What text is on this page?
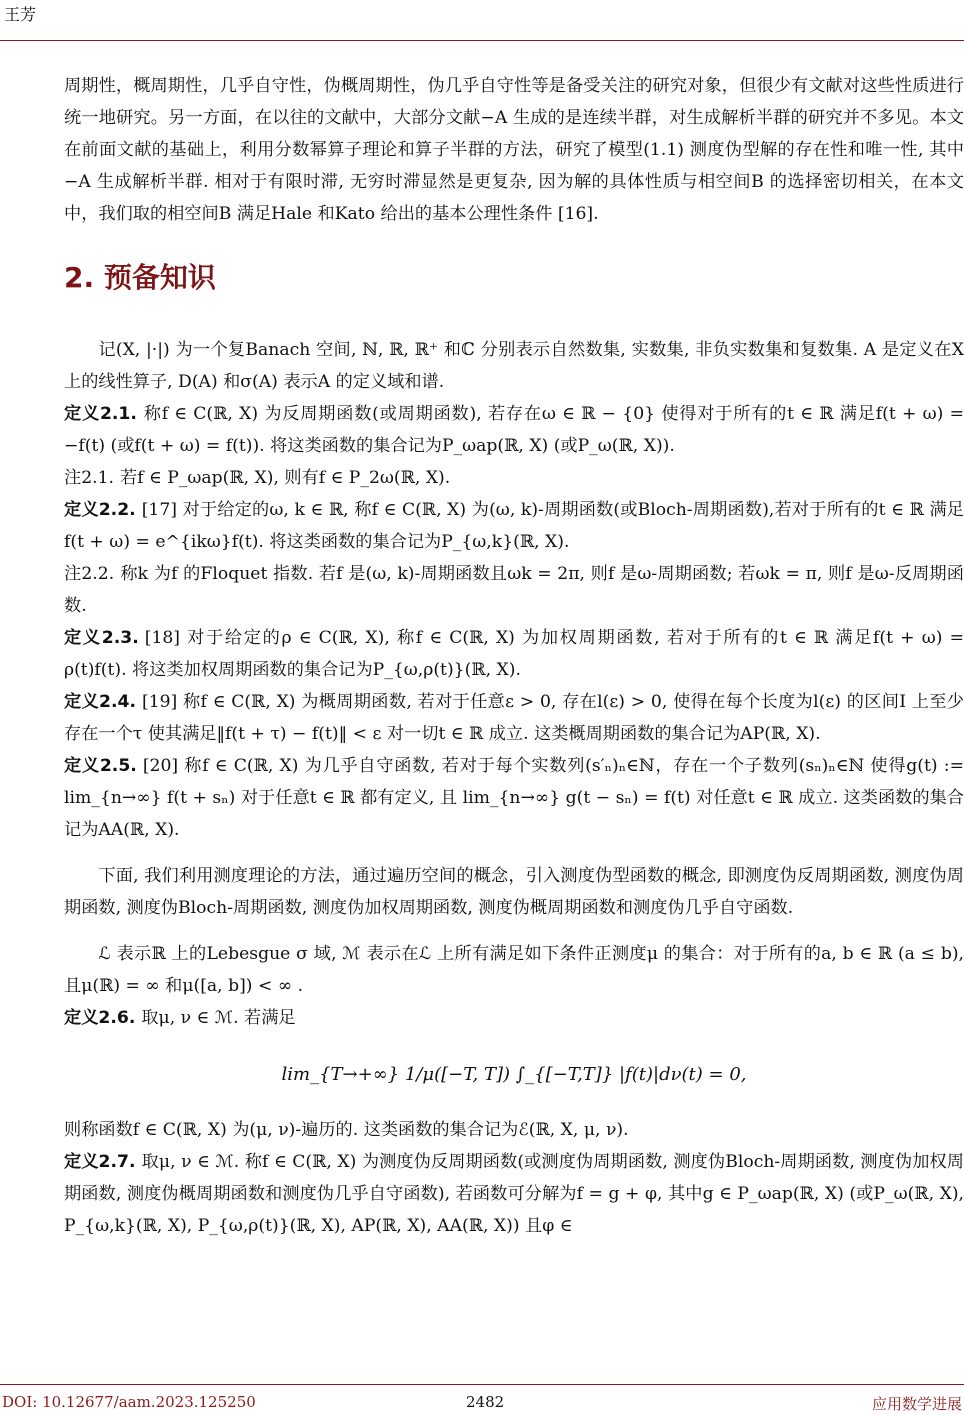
王芳

周期性，概周期性，几乎自守性，伪概周期性，伪几乎自守性等是备受关注的研究对象，但很少有文献对这些性质进行统一地研究。另一方面，在以往的文献中，大部分文献−A 生成的是连续半群，对生成解析半群的研究并不多见。本文在前面文献的基础上，利用分数幂算子理论和算子半群的方法，研究了模型(1.1) 测度伪型解的存在性和唯一性, 其中−A 生成解析半群. 相对于有限时滞, 无穷时滞显然是更复杂, 因为解的具体性质与相空间B 的选择密切相关，在本文中，我们取的相空间B 满足Hale 和Kato 给出的基本公理性条件 [16].

2. 预备知识

记(X, |·|) 为一个复Banach 空间, ℕ, ℝ, ℝ⁺ 和ℂ 分别表示自然数集, 实数集, 非负实数集和复数集. A 是定义在X 上的线性算子, D(A) 和σ(A) 表示A 的定义域和谱.

定义2.1. 称f ∈ C(ℝ, X) 为反周期函数(或周期函数), 若存在ω ∈ ℝ − {0} 使得对于所有的t ∈ ℝ 满足f(t + ω) = −f(t) (或f(t + ω) = f(t)). 将这类函数的集合记为P_ωap(ℝ, X) (或P_ω(ℝ, X)).

注2.1. 若f ∈ P_ωap(ℝ, X), 则有f ∈ P_2ω(ℝ, X).

定义2.2. [17] 对于给定的ω, k ∈ ℝ, 称f ∈ C(ℝ, X) 为(ω, k)-周期函数(或Bloch-周期函数),若对于所有的t ∈ ℝ 满足f(t + ω) = e^{ikω}f(t). 将这类函数的集合记为P_{ω,k}(ℝ, X).

注2.2. 称k 为f 的Floquet 指数. 若f 是(ω, k)-周期函数且ωk = 2π, 则f 是ω-周期函数; 若ωk = π, 则f 是ω-反周期函数.

定义2.3. [18] 对于给定的ρ ∈ C(ℝ, X), 称f ∈ C(ℝ, X) 为加权周期函数, 若对于所有的t ∈ ℝ 满足f(t + ω) = ρ(t)f(t). 将这类加权周期函数的集合记为P_{ω,ρ(t)}(ℝ, X).

定义2.4. [19] 称f ∈ C(ℝ, X) 为概周期函数, 若对于任意ε > 0, 存在l(ε) > 0, 使得在每个长度为l(ε) 的区间I 上至少存在一个τ 使其满足‖f(t + τ) − f(t)‖ < ε 对一切t ∈ ℝ 成立. 这类概周期函数的集合记为AP(ℝ, X).

定义2.5. [20] 称f ∈ C(ℝ, X) 为几乎自守函数, 若对于每个实数列(s′ₙ)ₙ∈ℕ，存在一个子数列(sₙ)ₙ∈ℕ 使得g(t) := lim_{n→∞} f(t + sₙ) 对于任意t ∈ ℝ 都有定义, 且 lim_{n→∞} g(t − sₙ) = f(t) 对任意t ∈ ℝ 成立. 这类函数的集合记为AA(ℝ, X).

下面, 我们利用测度理论的方法，通过遍历空间的概念，引入测度伪型函数的概念, 即测度伪反周期函数, 测度伪周期函数, 测度伪Bloch-周期函数, 测度伪加权周期函数, 测度伪概周期函数和测度伪几乎自守函数.

ℒ 表示ℝ 上的Lebesgue σ 域, ℳ 表示在ℒ 上所有满足如下条件正测度μ 的集合：对于所有的a, b ∈ ℝ (a ≤ b), 且μ(ℝ) = ∞ 和μ([a, b]) < ∞ .

定义2.6. 取μ, ν ∈ ℳ. 若满足

lim_{T→+∞} 1/μ([−T, T]) ∫_{[−T,T]} |f(t)|dν(t) = 0,

则称函数f ∈ C(ℝ, X) 为(μ, ν)-遍历的. 这类函数的集合记为ℰ(ℝ, X, μ, ν).

定义2.7. 取μ, ν ∈ ℳ. 称f ∈ C(ℝ, X) 为测度伪反周期函数(或测度伪周期函数, 测度伪Bloch-周期函数, 测度伪加权周期函数, 测度伪概周期函数和测度伪几乎自守函数), 若函数可分解为f = g + φ, 其中g ∈ P_ωap(ℝ, X) (或P_ω(ℝ, X), P_{ω,k}(ℝ, X), P_{ω,ρ(t)}(ℝ, X), AP(ℝ, X), AA(ℝ, X)) 且φ ∈

DOI: 10.12677/aam.2023.125250	2482	应用数学进展
